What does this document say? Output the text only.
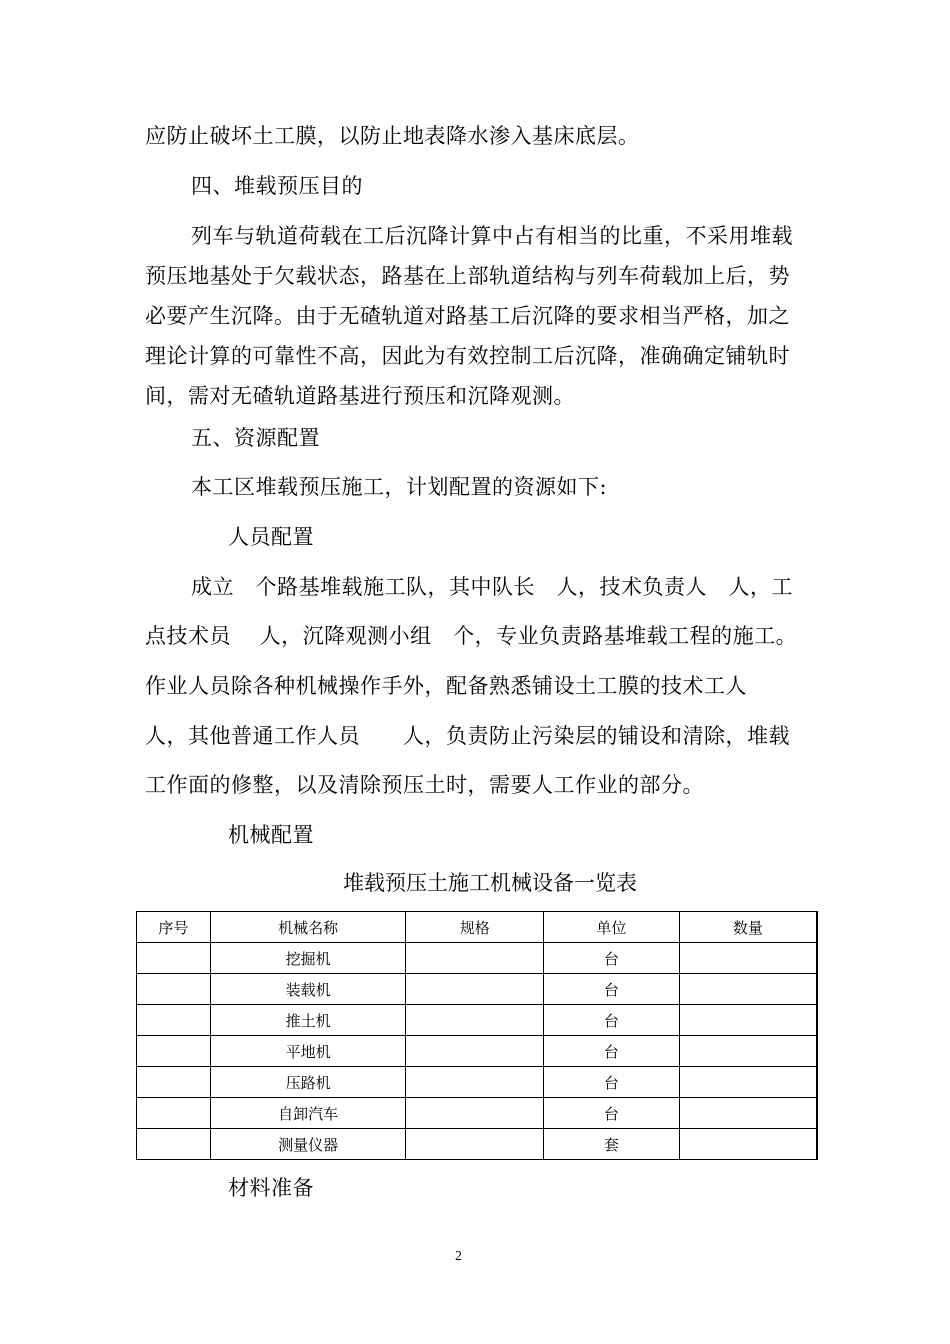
应防止破坏土工膜，以防止地表降水渗入基床底层。
四、堆载预压目的
列车与轨道荷载在工后沉降计算中占有相当的比重，不采用堆载
预压地基处于欠载状态，路基在上部轨道结构与列车荷载加上后，势
必要产生沉降。由于无碴轨道对路基工后沉降的要求相当严格，加之
理论计算的可靠性不高，因此为有效控制工后沉降，准确确定铺轨时
间，需对无碴轨道路基进行预压和沉降观测。
五、资源配置
本工区堆载预压施工，计划配置的资源如下:
人员配置
成立　个路基堆载施工队，其中队长　人，技术负责人　人，工
点技术员　 人，沉降观测小组　个，专业负责路基堆载工程的施工。
作业人员除各种机械操作手外，配备熟悉铺设土工膜的技术工人
人，其他普通工作人员　　人，负责防止污染层的铺设和清除，堆载
工作面的修整，以及清除预压土时，需要人工作业的部分。
机械配置
堆载预压土施工机械设备一览表
序号	机械名称	规格	单位	数量
	挖掘机		台	
	装载机		台	
	推土机		台	
	平地机		台	
	压路机		台	
	自卸汽车		台	
	测量仪器		套	
材料准备
2
